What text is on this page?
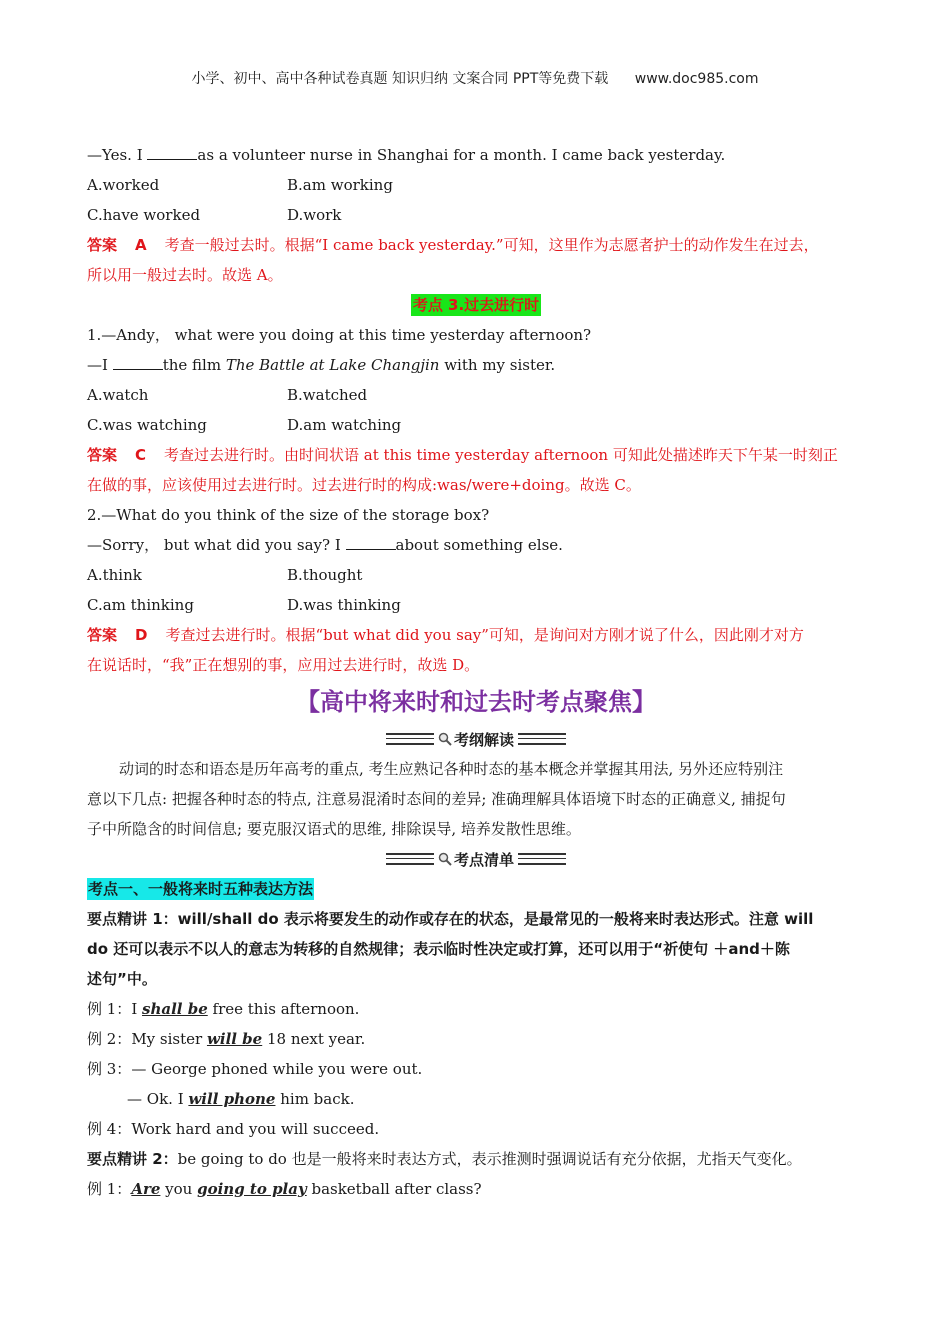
小学、初中、高中各种试卷真题 知识归纳 文案合同 PPT等免费下载 www.doc985.com
—Yes. I	as a volunteer nurse in Shanghai for a month. I came back yesterday.
A.worked	B.am working
C.have worked	D.work
答案 A 考查一般过去时。根据“I came back yesterday.”可知，这里作为志愿者护士的动作发生在过去，
所以用一般过去时。故选 A。
考点 3.过去进行时
1.—Andy， what were you doing at this time yesterday afternoon?
—I	the film The Battle at Lake Changjin with my sister.
A.watch	B.watched
C.was watching	D.am watching
答案 C 考查过去进行时。由时间状语 at this time yesterday afternoon 可知此处描述昨天下午某一时刻正
在做的事，应该使用过去进行时。过去进行时的构成:was/were+doing。故选 C。
2.—What do you think of the size of the storage box?
—Sorry， but what did you say? I	about something else.
A.think	B.thought
C.am thinking	D.was thinking
答案 D 考查过去进行时。根据“but what did you say”可知，是询问对方刚才说了什么，因此刚才对方
在说话时，“我”正在想别的事，应用过去进行时，故选 D。
【高中将来时和过去时考点聚焦】
考纲解读
动词的时态和语态是历年高考的重点, 考生应熟记各种时态的基本概念并掌握其用法, 另外还应特别注
意以下几点: 把握各种时态的特点, 注意易混淆时态间的差异; 准确理解具体语境下时态的正确意义, 捕捉句
子中所隐含的时间信息; 要克服汉语式的思维, 排除误导, 培养发散性思维。
考点清单
考点一、一般将来时五种表达方法
要点精讲 1：will/shall do 表示将要发生的动作或存在的状态，是最常见的一般将来时表达形式。注意 will
do 还可以表示不以人的意志为转移的自然规律；表示临时性决定或打算，还可以用于“祈使句 ＋and＋陈
述句”中。
例 1：I shall be free this afternoon.
例 2：My sister will be 18 next year.
例 3：— George phoned while you were out.
— Ok. I will phone him back.
例 4：Work hard and you will succeed.
要点精讲 2：be going to do 也是一般将来时表达方式，表示推测时强调说话有充分依据，尤指天气变化。
例 1：Are you going to play basketball after class?
